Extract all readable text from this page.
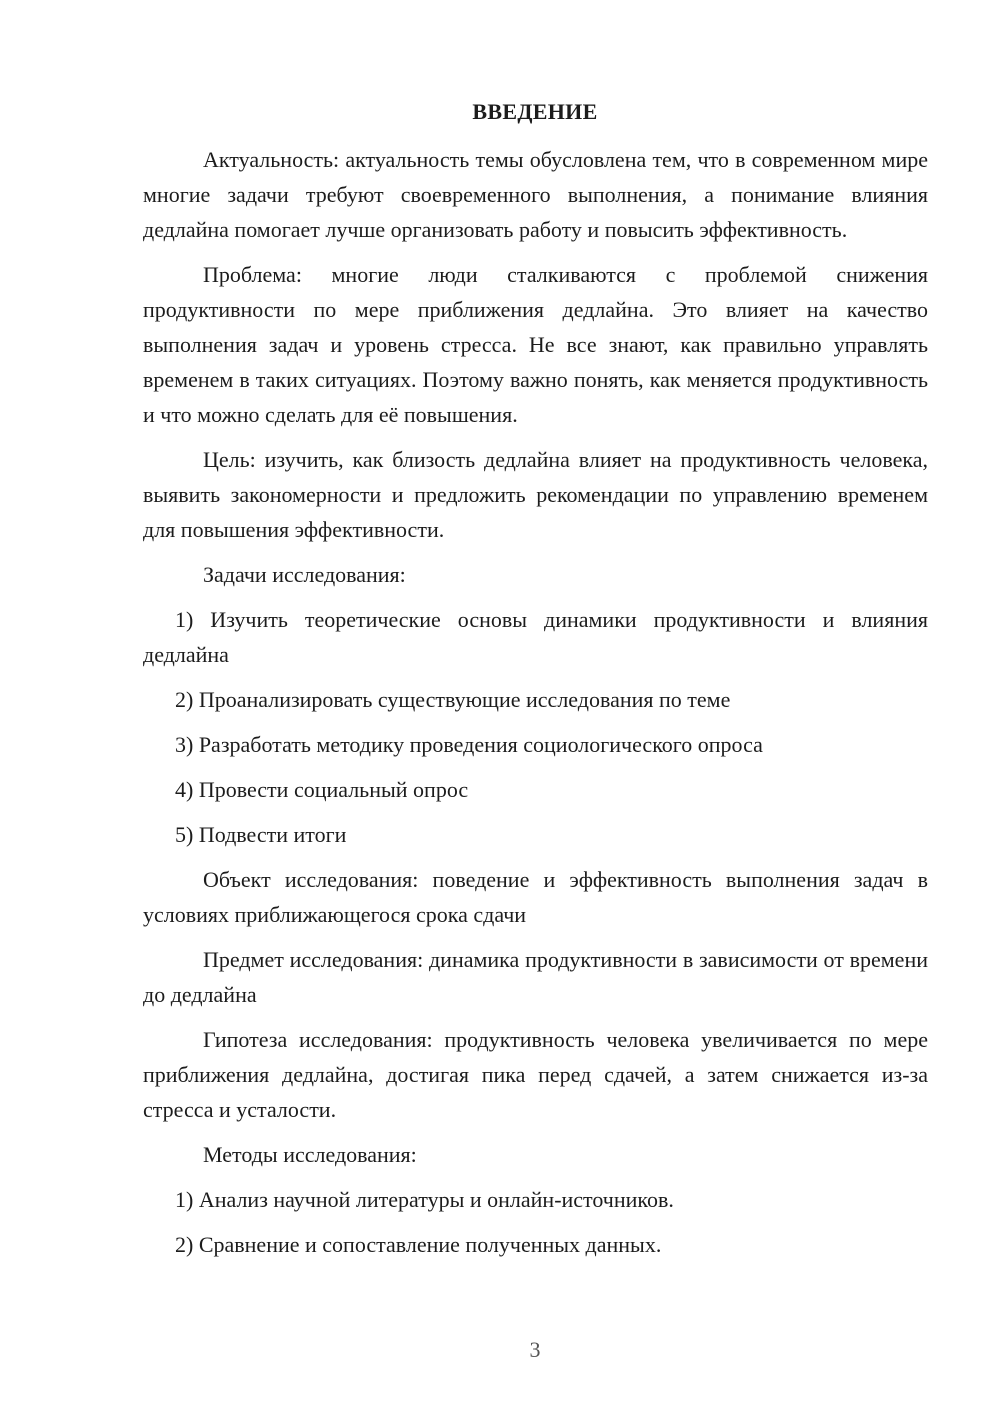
ВВЕДЕНИЕ

Актуальность: актуальность темы обусловлена тем, что в современном мире многие задачи требуют своевременного выполнения, а понимание влияния дедлайна помогает лучше организовать работу и повысить эффективность.

Проблема: многие люди сталкиваются с проблемой снижения продуктивности по мере приближения дедлайна. Это влияет на качество выполнения задач и уровень стресса. Не все знают, как правильно управлять временем в таких ситуациях. Поэтому важно понять, как меняется продуктивность и что можно сделать для её повышения.

Цель: изучить, как близость дедлайна влияет на продуктивность человека, выявить закономерности и предложить рекомендации по управлению временем для повышения эффективности.

Задачи исследования:

1) Изучить теоретические основы динамики продуктивности и влияния дедлайна

2) Проанализировать существующие исследования по теме

3) Разработать методику проведения социологического опроса

4) Провести социальный опрос

5) Подвести итоги

Объект исследования: поведение и эффективность выполнения задач в условиях приближающегося срока сдачи

Предмет исследования: динамика продуктивности в зависимости от времени до дедлайна

Гипотеза исследования: продуктивность человека увеличивается по мере приближения дедлайна, достигая пика перед сдачей, а затем снижается из-за стресса и усталости.

Методы исследования:

1) Анализ научной литературы и онлайн-источников.

2) Сравнение и сопоставление полученных данных.

3
